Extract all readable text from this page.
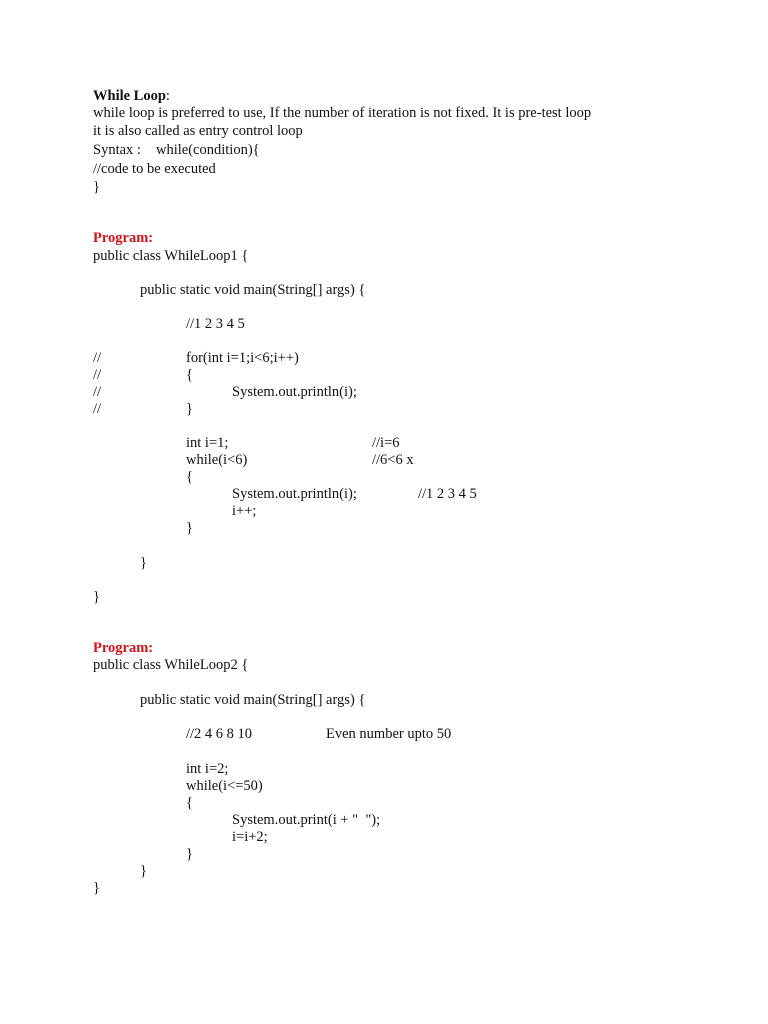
While Loop:
while loop is preferred to use, If the number of iteration is not fixed. It is pre-test loop
it is also called as entry control loop
Syntax : while(condition){
//code to be executed
}
Program:
public class WhileLoop1 {
public static void main(String[] args) {
//1 2 3 4 5
//	for(int i=1;i<6;i++)
//	{
//	System.out.println(i);
//	}
int i=1;	//i=6
while(i<6)	//6<6 x
{
System.out.println(i);	//1 2 3 4 5
i++;
}
}
}
Program:
public class WhileLoop2 {
public static void main(String[] args) {
//2 4 6 8 10	Even number upto 50
int i=2;
while(i<=50)
{
System.out.print(i + "  ");
i=i+2;
}
}
}
